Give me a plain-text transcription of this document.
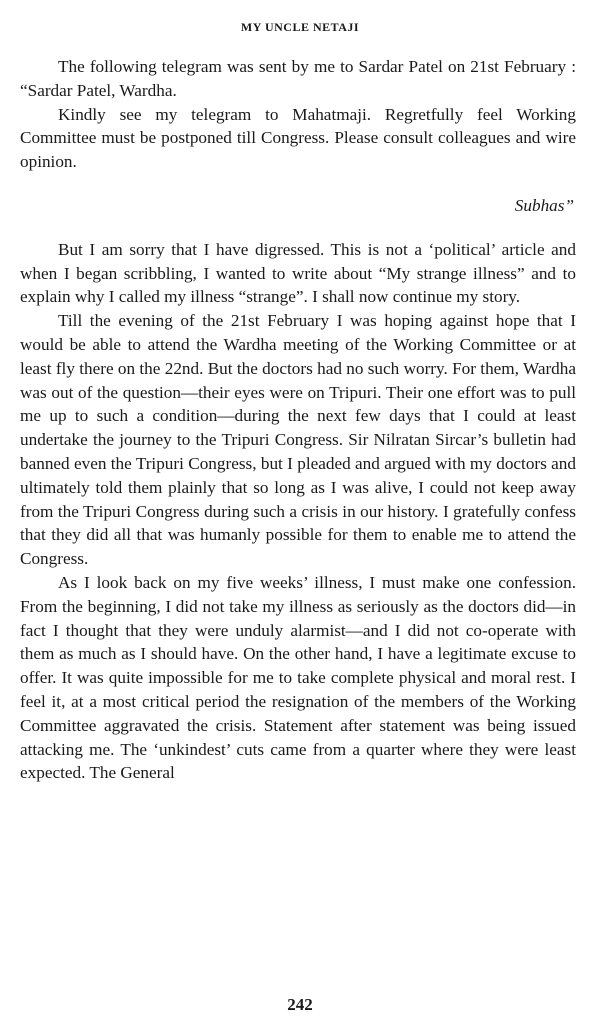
MY UNCLE NETAJI

The following telegram was sent by me to Sardar Patel on 21st February : “Sardar Patel, Wardha.

Kindly see my telegram to Mahatmaji. Regretfully feel Working Committee must be postponed till Congress. Please consult colleagues and wire opinion.

Subhas”

But I am sorry that I have digressed. This is not a ‘political’ article and when I began scribbling, I wanted to write about “My strange illness” and to explain why I called my illness “strange”. I shall now continue my story.

Till the evening of the 21st February I was hoping against hope that I would be able to attend the Wardha meeting of the Working Committee or at least fly there on the 22nd. But the doctors had no such worry. For them, Wardha was out of the question—their eyes were on Tripuri. Their one effort was to pull me up to such a condition—during the next few days that I could at least undertake the journey to the Tripuri Congress. Sir Nilratan Sircar’s bulletin had banned even the Tripuri Congress, but I pleaded and argued with my doctors and ultimately told them plainly that so long as I was alive, I could not keep away from the Tripuri Congress during such a crisis in our history. I gratefully confess that they did all that was humanly possible for them to enable me to attend the Congress.

As I look back on my five weeks’ illness, I must make one confession. From the beginning, I did not take my illness as seriously as the doctors did—in fact I thought that they were unduly alarmist—and I did not co-operate with them as much as I should have. On the other hand, I have a legitimate excuse to offer. It was quite impossible for me to take complete physical and moral rest. I feel it, at a most critical period the resignation of the members of the Working Committee aggravated the crisis. Statement after statement was being issued attacking me. The ‘unkindest’ cuts came from a quarter where they were least expected. The General

242
